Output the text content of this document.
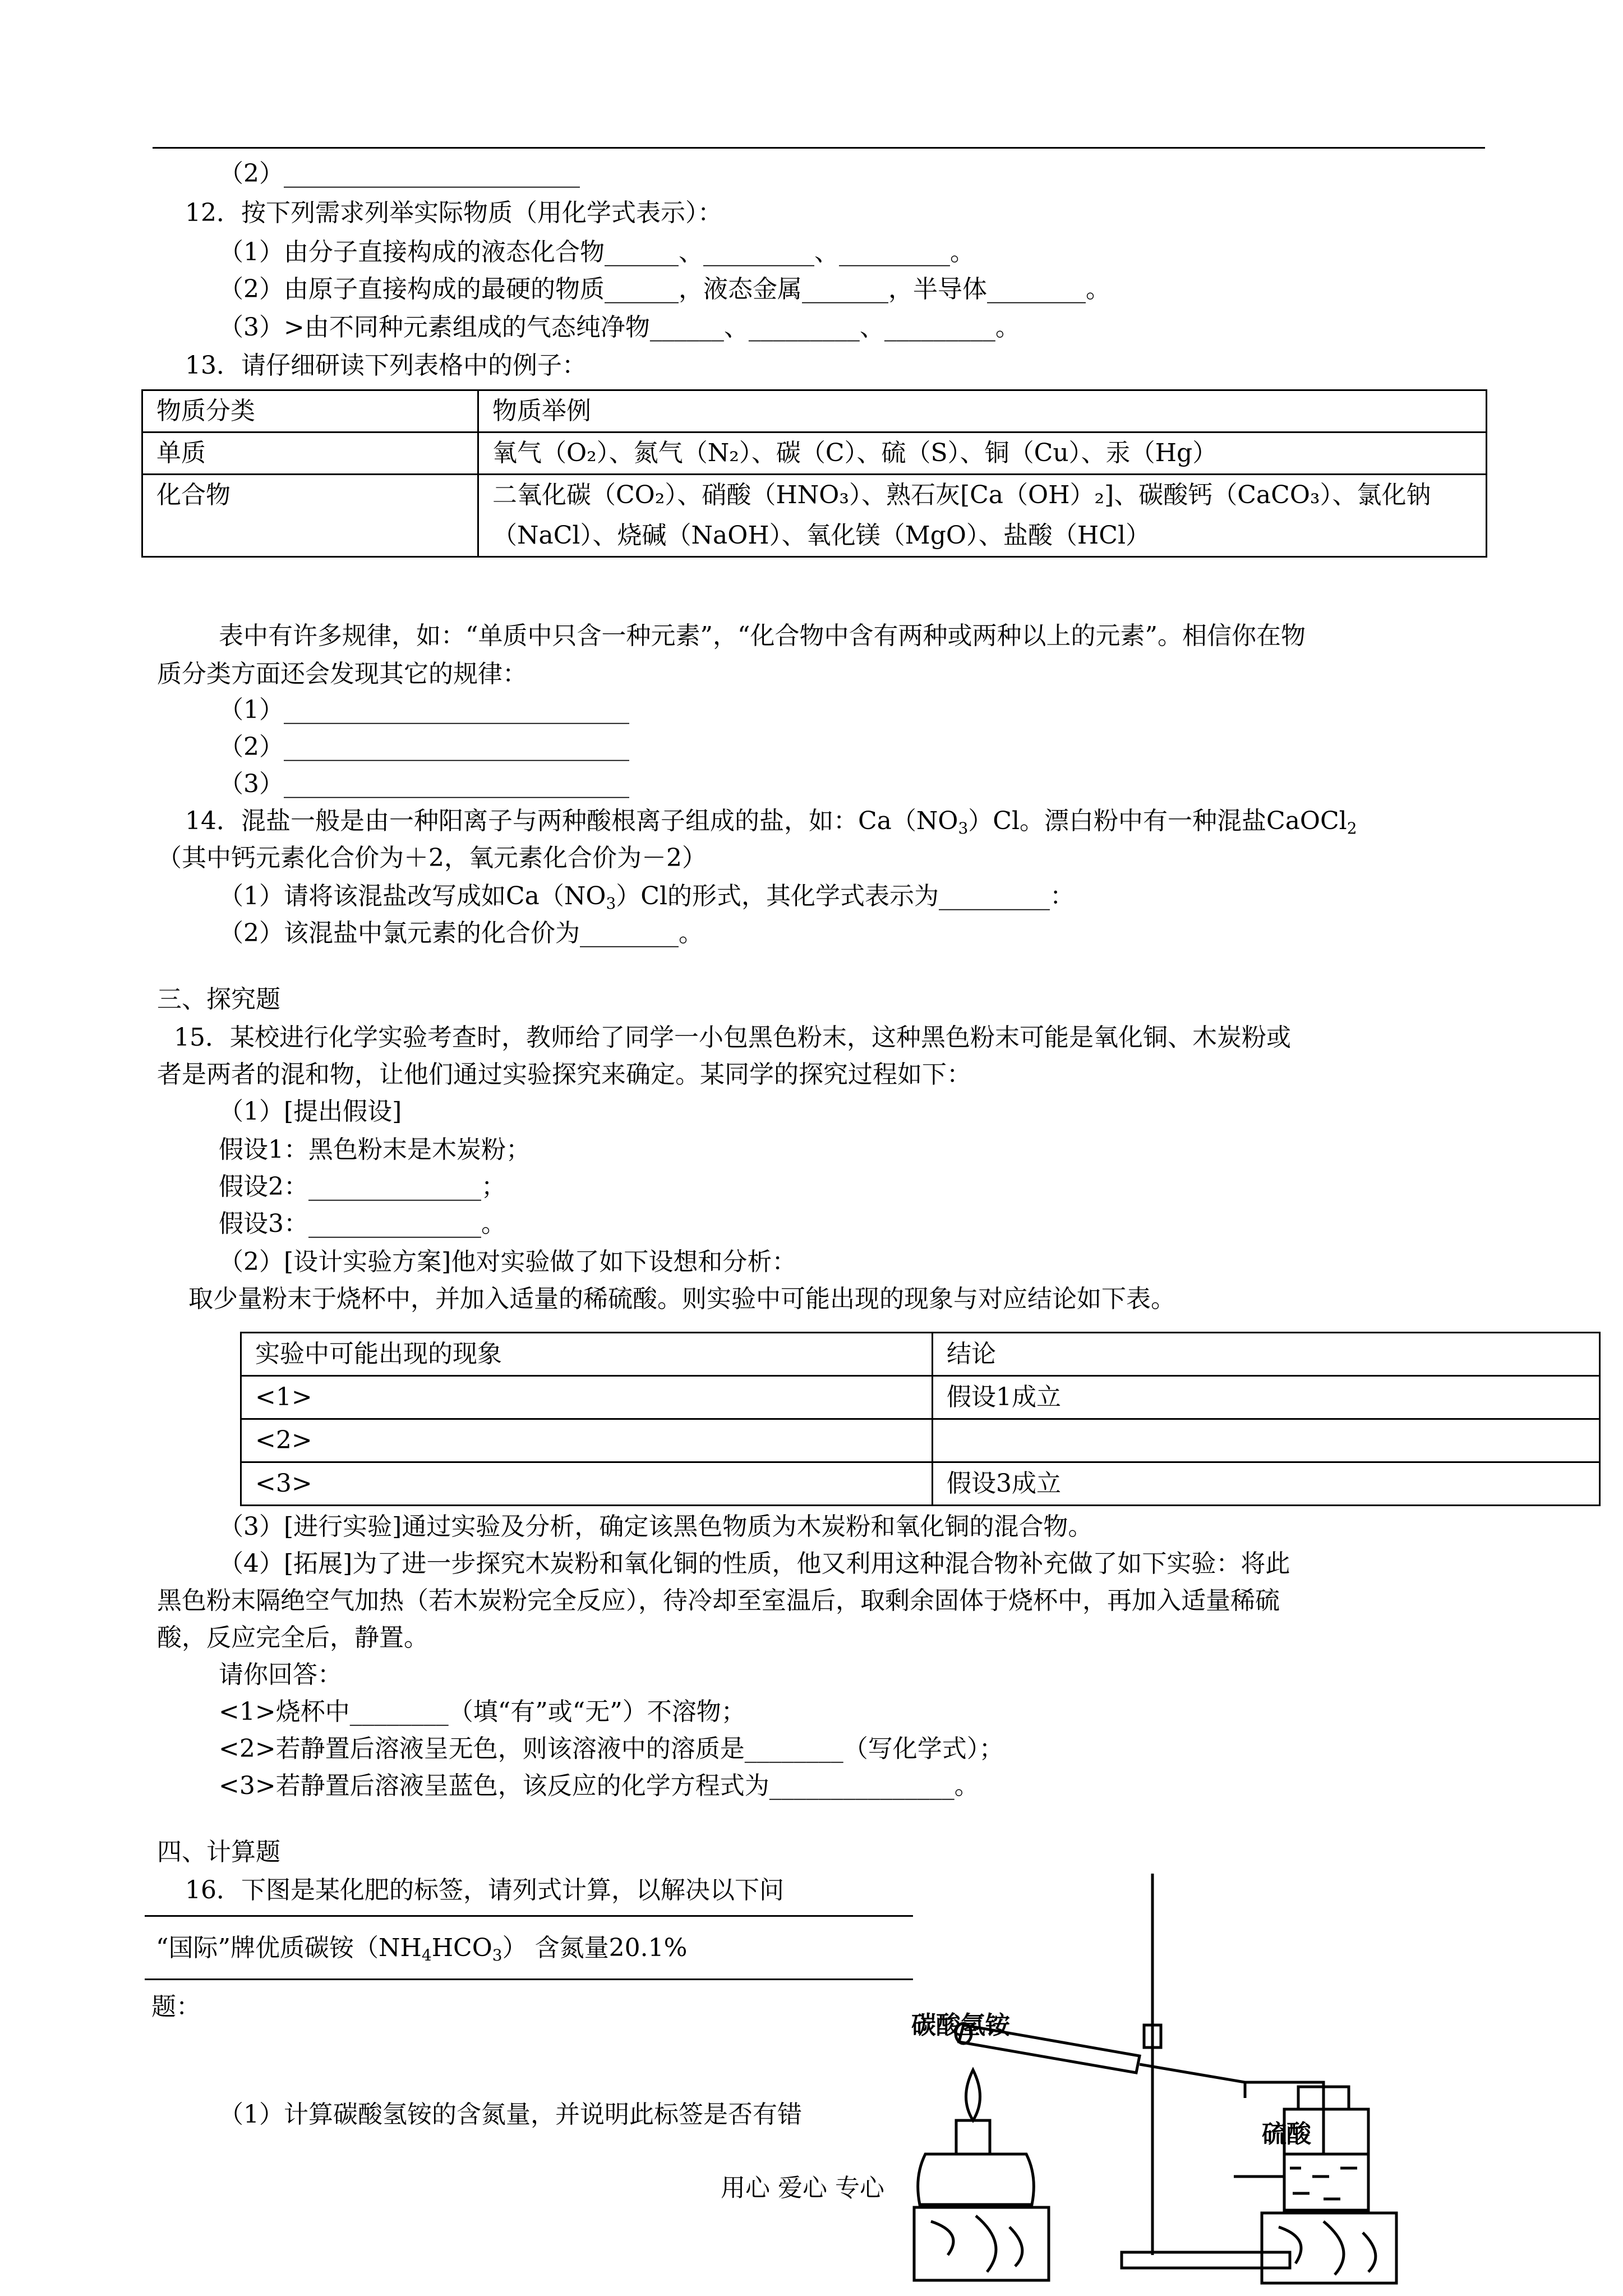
（2）________________________
12．按下列需求列举实际物质（用化学式表示）：
（1）由分子直接构成的液态化合物______、_________、_________。
（2）由原子直接构成的最硬的物质______，液态金属_______，半导体________。
（3）>由不同种元素组成的气态纯净物______、_________、_________。
13．请仔细研读下列表格中的例子：
物质分类	物质举例
单质	氧气（O₂）、氮气（N₂）、碳（C）、硫（S）、铜（Cu）、汞（Hg）
化合物	二氧化碳（CO₂）、硝酸（HNO₃）、熟石灰[Ca（OH）₂]、碳酸钙（CaCO₃）、氯化钠
（NaCl）、烧碱（NaOH）、氧化镁（MgO）、盐酸（HCl）
表中有许多规律，如：“单质中只含一种元素”，“化合物中含有两种或两种以上的元素”。相信你在物
质分类方面还会发现其它的规律：
（1）____________________________
（2）____________________________
（3）____________________________
14．混盐一般是由一种阳离子与两种酸根离子组成的盐，如：$Ca(NO_3)Cl$。漂白粉中有一种混盐CaOCl$_2$
（其中钙元素化合价为＋2，氧元素化合价为－2）
（1）请将该混盐改写成如$Ca(NO_3)Cl$的形式，其化学式表示为_________：
（2）该混盐中氯元素的化合价为________。
三、探究题
15．某校进行化学实验考查时，教师给了同学一小包黑色粉末，这种黑色粉末可能是氧化铜、木炭粉或
者是两者的混和物，让他们通过实验探究来确定。某同学的探究过程如下：
（1）[提出假设]
假设1：黑色粉末是木炭粉；
假设2：______________；
假设3：______________。
（2）[设计实验方案]他对实验做了如下设想和分析：
取少量粉末于烧杯中，并加入适量的稀硫酸。则实验中可能出现的现象与对应结论如下表。
实验中可能出现的现象	结论
<1>	假设1成立
<2>	
<3>	假设3成立
（3）[进行实验]通过实验及分析，确定该黑色物质为木炭粉和氧化铜的混合物。
（4）[拓展]为了进一步探究木炭粉和氧化铜的性质，他又利用这种混合物补充做了如下实验：将此
黑色粉末隔绝空气加热（若木炭粉完全反应），待冷却至室温后，取剩余固体于烧杯中，再加入适量稀硫
酸，反应完全后，静置。
请你回答：
<1>烧杯中________（填“有”或“无”）不溶物；
<2>若静置后溶液呈无色，则该溶液中的溶质是________（写化学式）；
<3>若静置后溶液呈蓝色，该反应的化学方程式为_______________。
四、计算题
16．下图是某化肥的标签，请列式计算，以解决以下问
“国际”牌优质碳铵$(NH_4HCO_3)$ 含氮量20.1%
题：
（1）计算碳酸氢铵的含氮量，并说明此标签是否有错
碳酸氢铵
硫酸
用心 爱心 专心
